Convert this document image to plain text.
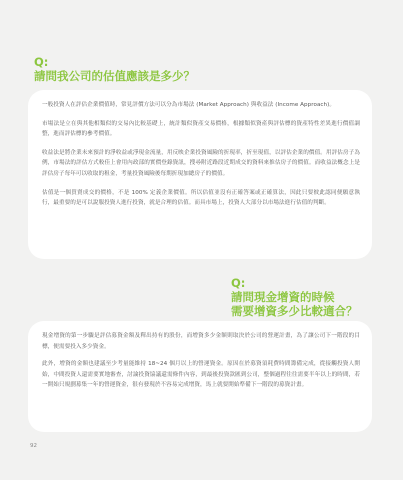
Q:
請問我公司的估值應該是多少？

一般投資人在評估企業價值時，常見評價方法可以分為市場法 (Market Approach) 與收益法 (Income Approach)。

市場法是立在與其他相類似的交易內比較基礎上，統計類似資產交易價格，根據類似資產與評估標的資產特性差異進行價值調整，進而評估標的參考價值。

收益法是將企業未來預計的淨收益或淨現金流量，用反映企業投資風險的折現率，折至現值，以評估企業的價值。用評估房子為例，市場法的評估方式較佳上會用內政部的實價登錄資訊，搜尋附近路段近期成交的資料來推估房子的價值。而收益法概念上是評估房子每年可以收取的租金，考量投資風險後每期折現加總房子的價值。

估值是一個買賣成交的價格，不是 100% 定義企業價值。所以估值並沒有正確答案或正確算法，因此只要彼此認同便願意執行，最重要的是可以說服投資人進行投資，就是合理的估值。而具市場上，投資人大部分以市場法進行估值的判斷。

Q:
請問現金增資的時候
需要增資多少比較適合？

現金增資的第一步驟是評估募資金額及釋出持有的股份，而增資多少金額則取決於公司的營運計畫，為了讓公司下一階段的目標，便需要投入多少資金。

此外，增資的金額也建議至少考量能維持 18~24 個月以上的營運資金。原因在於募資須耗費時間籌備完成，從接觸投資人開始，中間投資人還需要實地審查，討論投資協議還需條件內容，到最後投資款匯到公司，整個過程往往需要半年以上的時間，若一開始只規劃募集一年的營運資金，很有發現於不容易完成增資，馬上就要開始準備下一階段的募資計畫。

92
